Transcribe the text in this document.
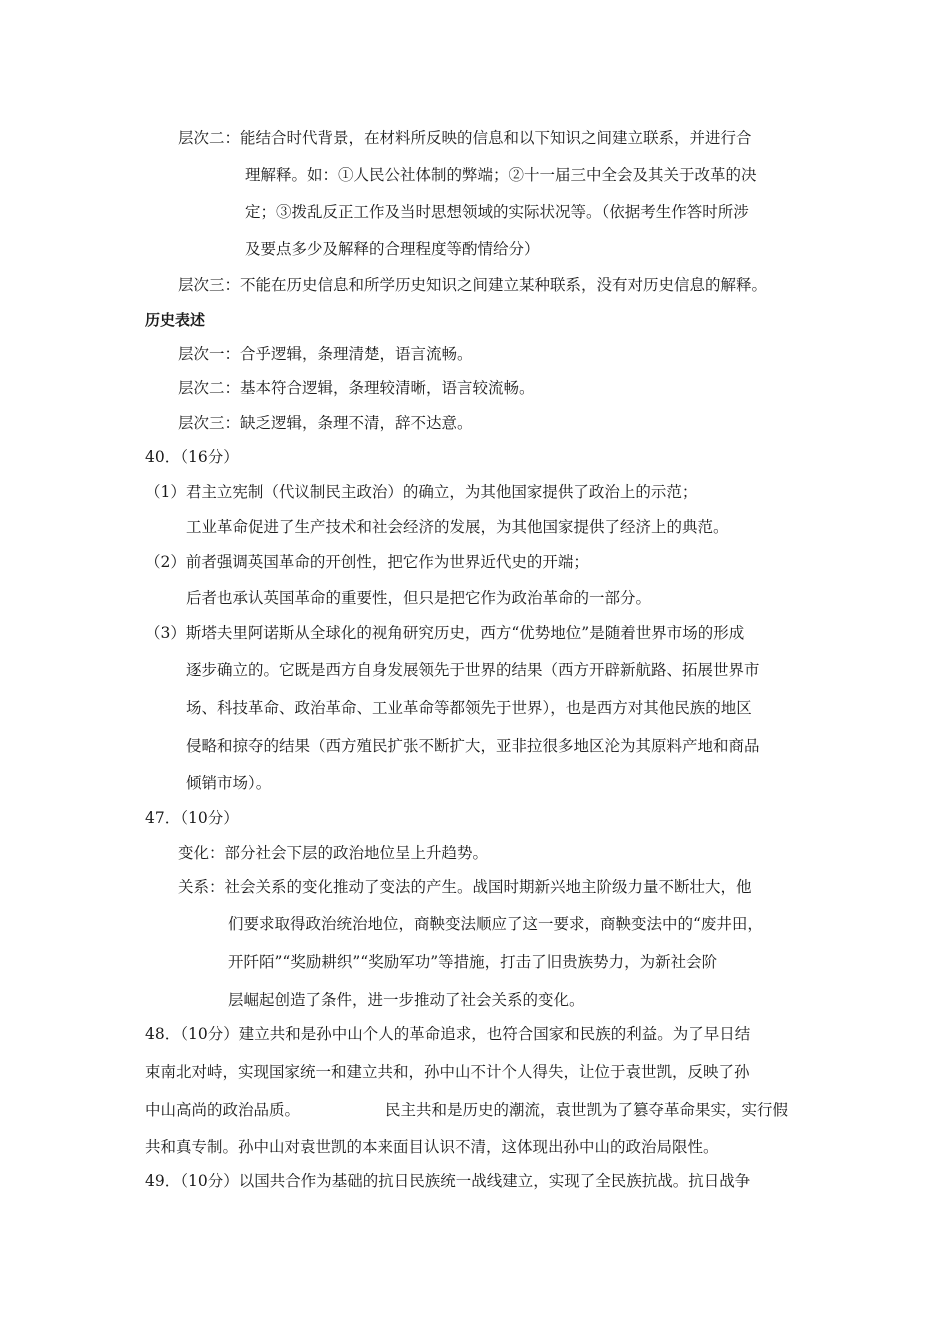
层次二：能结合时代背景，在材料所反映的信息和以下知识之间建立联系，并进行合
理解释。如：①人民公社体制的弊端；②十一届三中全会及其关于改革的决
定；③拨乱反正工作及当时思想领域的实际状况等。（依据考生作答时所涉
及要点多少及解释的合理程度等酌情给分）
层次三：不能在历史信息和所学历史知识之间建立某种联系，没有对历史信息的解释。
历史表述
层次一：合乎逻辑，条理清楚，语言流畅。
层次二：基本符合逻辑，条理较清晰，语言较流畅。
层次三：缺乏逻辑，条理不清，辞不达意。
40．（16分）
（1）君主立宪制（代议制民主政治）的确立，为其他国家提供了政治上的示范；
工业革命促进了生产技术和社会经济的发展，为其他国家提供了经济上的典范。
（2）前者强调英国革命的开创性，把它作为世界近代史的开端；
后者也承认英国革命的重要性，但只是把它作为政治革命的一部分。
（3）斯塔夫里阿诺斯从全球化的视角研究历史，西方“优势地位”是随着世界市场的形成
逐步确立的。它既是西方自身发展领先于世界的结果（西方开辟新航路、拓展世界市
场、科技革命、政治革命、工业革命等都领先于世界），也是西方对其他民族的地区
侵略和掠夺的结果（西方殖民扩张不断扩大，亚非拉很多地区沦为其原料产地和商品
倾销市场）。
47．（10分）
变化：部分社会下层的政治地位呈上升趋势。
关系：社会关系的变化推动了变法的产生。战国时期新兴地主阶级力量不断壮大，他
们要求取得政治统治地位，商鞅变法顺应了这一要求，商鞅变法中的“废井田，
开阡陌”“奖励耕织”“奖励军功”等措施，打击了旧贵族势力，为新社会阶
层崛起创造了条件，进一步推动了社会关系的变化。
48．（10分）建立共和是孙中山个人的革命追求，也符合国家和民族的利益。为了早日结
束南北对峙，实现国家统一和建立共和，孙中山不计个人得失，让位于袁世凯，反映了孙
中山高尚的政治品质。	民主共和是历史的潮流，袁世凯为了篡夺革命果实，实行假
共和真专制。孙中山对袁世凯的本来面目认识不清，这体现出孙中山的政治局限性。
49．（10分）以国共合作为基础的抗日民族统一战线建立，实现了全民族抗战。抗日战争
